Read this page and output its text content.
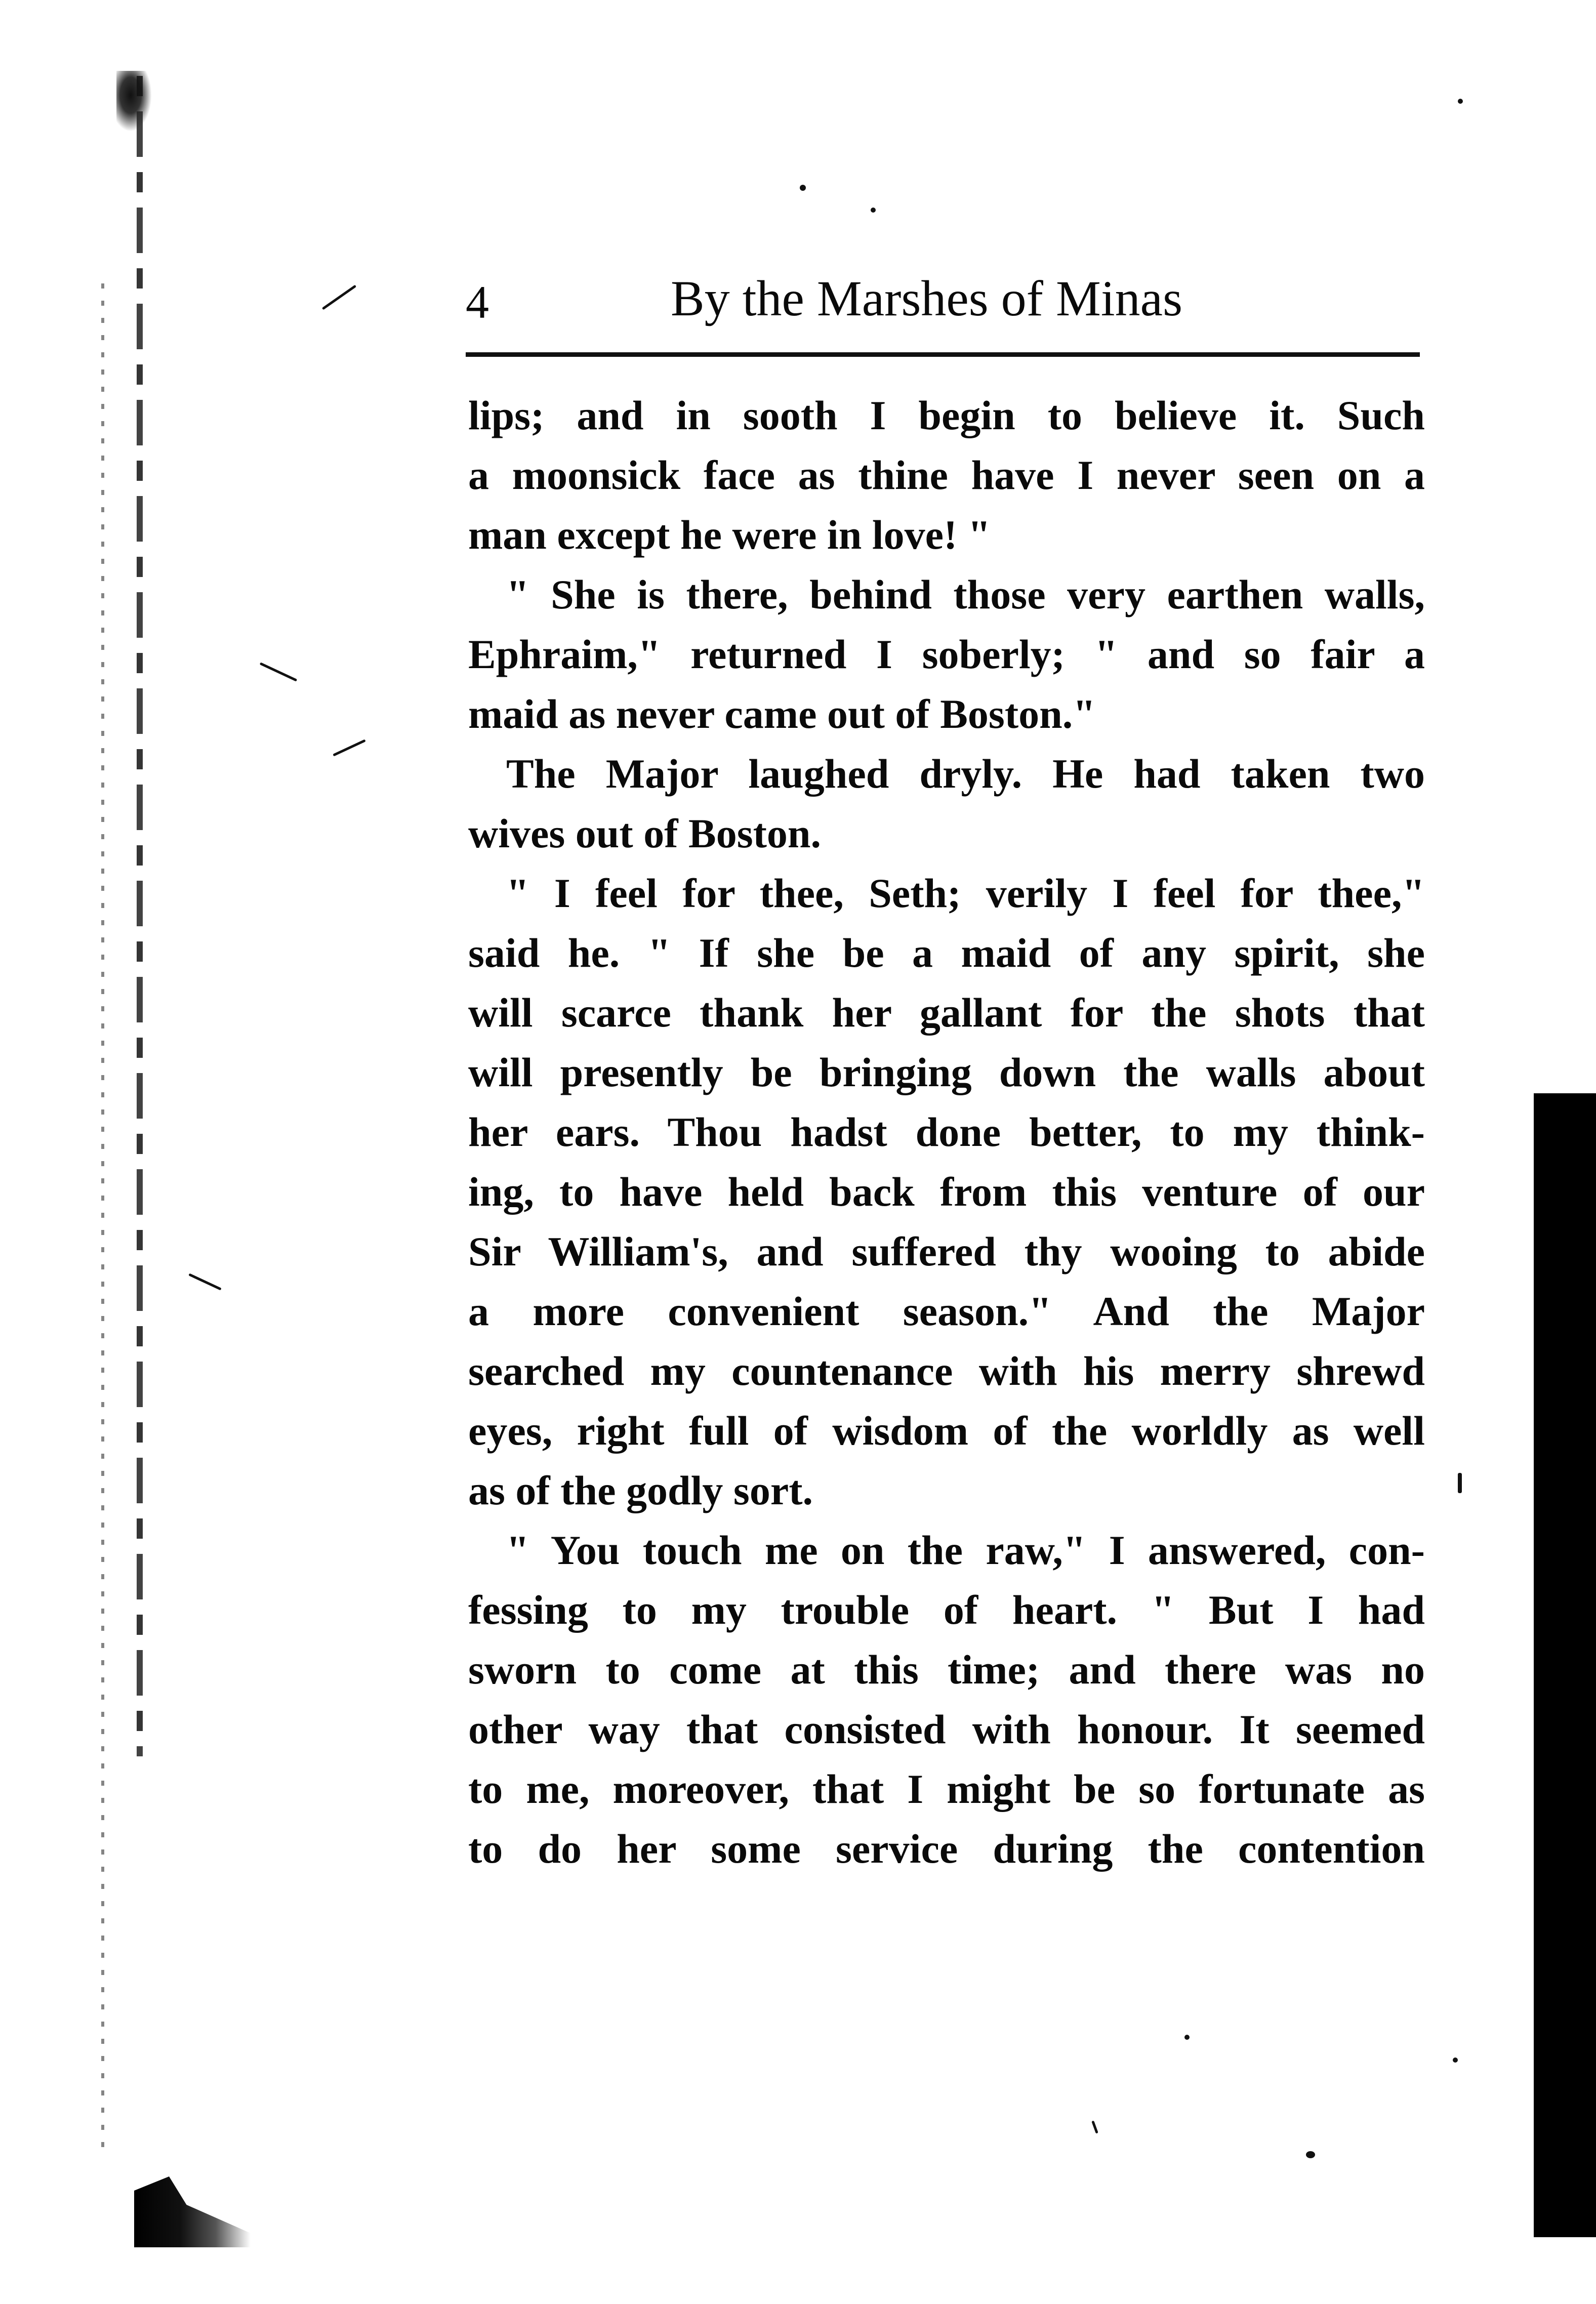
4	By the Marshes of Minas
lips; and in sooth I begin to believe it. Such
a moonsick face as thine have I never seen on a
man except he were in love! "
" She is there, behind those very earthen walls,
Ephraim," returned I soberly; " and so fair a
maid as never came out of Boston."
The Major laughed dryly. He had taken two
wives out of Boston.
" I feel for thee, Seth; verily I feel for thee,"
said he. " If she be a maid of any spirit, she
will scarce thank her gallant for the shots that
will presently be bringing down the walls about
her ears. Thou hadst done better, to my think-
ing, to have held back from this venture of our
Sir William's, and suffered thy wooing to abide
a more convenient season." And the Major
searched my countenance with his merry shrewd
eyes, right full of wisdom of the worldly as well
as of the godly sort.
" You touch me on the raw," I answered, con-
fessing to my trouble of heart. " But I had
sworn to come at this time; and there was no
other way that consisted with honour. It seemed
to me, moreover, that I might be so fortunate as
to do her some service during the contention
